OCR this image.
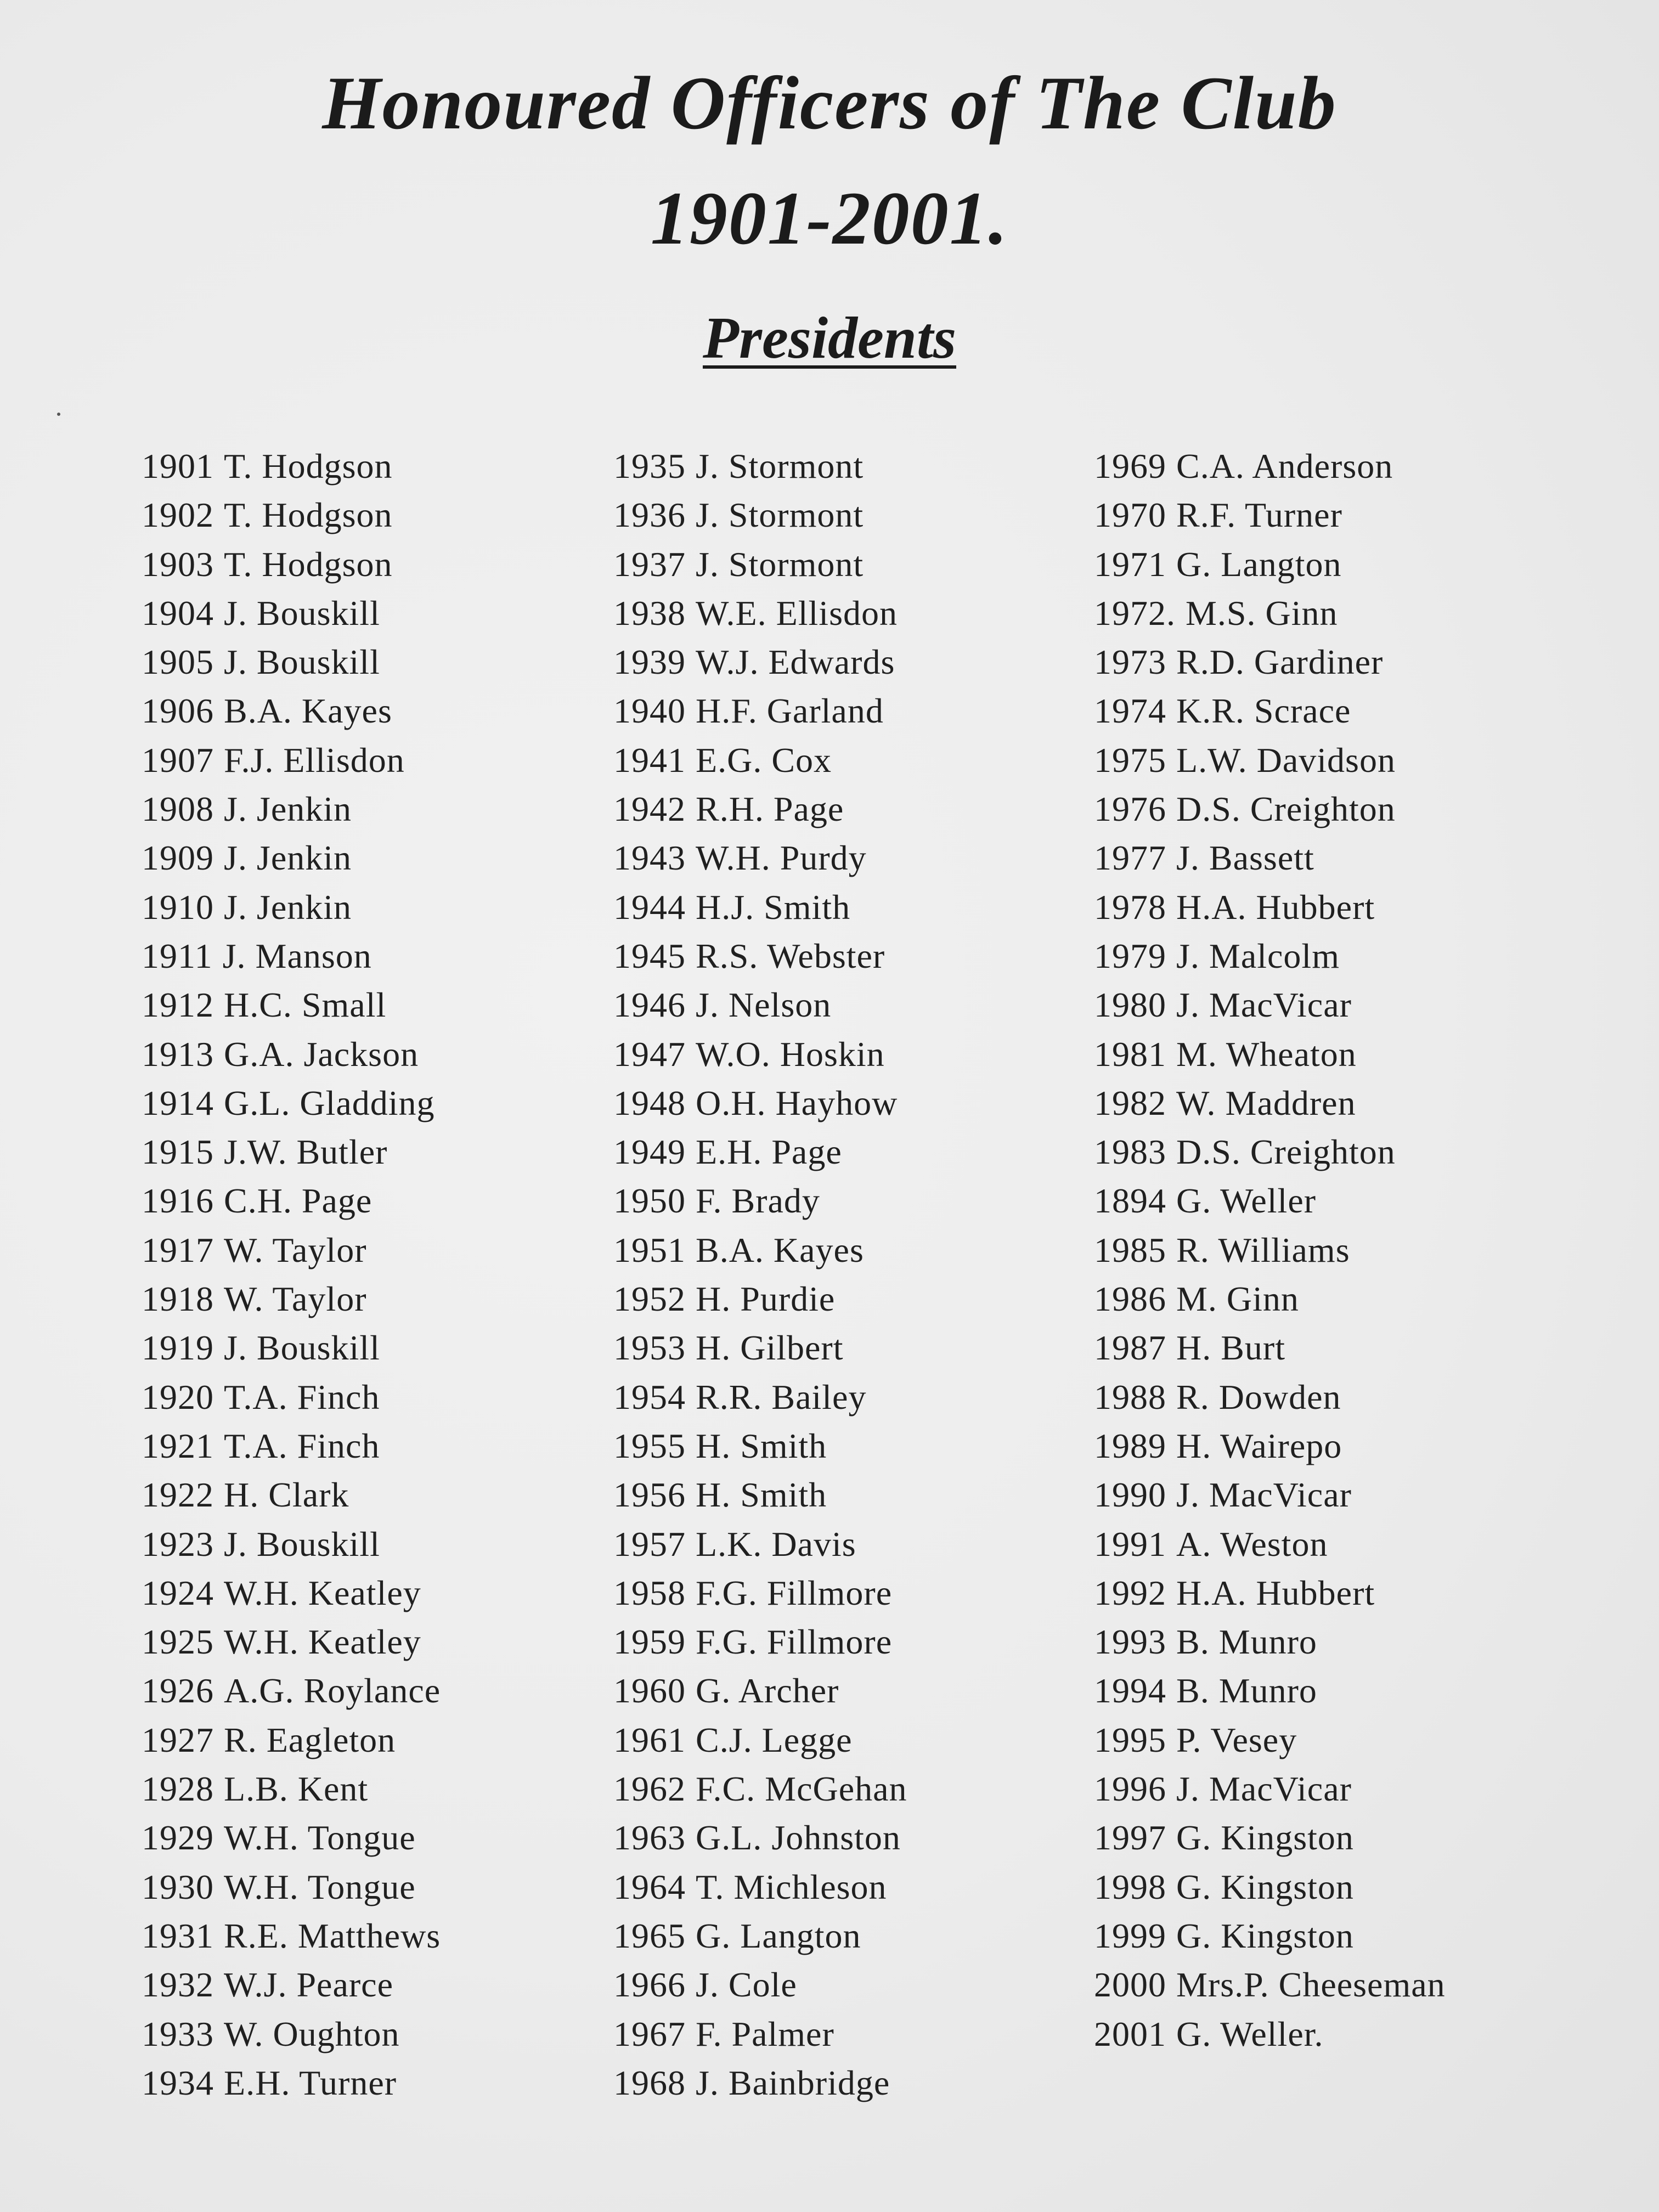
Honoured Officers of The Club
1901-2001.
Presidents
1901 T. Hodgson
1902 T. Hodgson
1903 T. Hodgson
1904 J. Bouskill
1905 J. Bouskill
1906 B.A. Kayes
1907 F.J. Ellisdon
1908 J. Jenkin
1909 J. Jenkin
1910 J. Jenkin
1911 J. Manson
1912 H.C. Small
1913 G.A. Jackson
1914 G.L. Gladding
1915 J.W. Butler
1916 C.H. Page
1917 W. Taylor
1918 W. Taylor
1919 J. Bouskill
1920 T.A. Finch
1921 T.A. Finch
1922 H. Clark
1923 J. Bouskill
1924 W.H. Keatley
1925 W.H. Keatley
1926 A.G. Roylance
1927 R. Eagleton
1928 L.B. Kent
1929 W.H. Tongue
1930 W.H. Tongue
1931 R.E. Matthews
1932 W.J. Pearce
1933 W. Oughton
1934 E.H. Turner
1935 J. Stormont
1936 J. Stormont
1937 J. Stormont
1938 W.E. Ellisdon
1939 W.J. Edwards
1940 H.F. Garland
1941 E.G. Cox
1942 R.H. Page
1943 W.H. Purdy
1944 H.J. Smith
1945 R.S. Webster
1946 J. Nelson
1947 W.O. Hoskin
1948 O.H. Hayhow
1949 E.H. Page
1950 F. Brady
1951 B.A. Kayes
1952 H. Purdie
1953 H. Gilbert
1954 R.R. Bailey
1955 H. Smith
1956 H. Smith
1957 L.K. Davis
1958 F.G. Fillmore
1959 F.G. Fillmore
1960 G. Archer
1961 C.J. Legge
1962 F.C. McGehan
1963 G.L. Johnston
1964 T. Michleson
1965 G. Langton
1966 J. Cole
1967 F. Palmer
1968 J. Bainbridge
1969 C.A. Anderson
1970 R.F. Turner
1971 G. Langton
1972. M.S. Ginn
1973 R.D. Gardiner
1974 K.R. Scrace
1975 L.W. Davidson
1976 D.S. Creighton
1977 J. Bassett
1978 H.A. Hubbert
1979 J. Malcolm
1980 J. MacVicar
1981 M. Wheaton
1982 W. Maddren
1983 D.S. Creighton
1894 G. Weller
1985 R. Williams
1986 M. Ginn
1987 H. Burt
1988 R. Dowden
1989 H. Wairepo
1990 J. MacVicar
1991 A. Weston
1992 H.A. Hubbert
1993 B. Munro
1994 B. Munro
1995 P. Vesey
1996 J. MacVicar
1997 G. Kingston
1998 G. Kingston
1999 G. Kingston
2000 Mrs.P. Cheeseman
2001 G. Weller.
